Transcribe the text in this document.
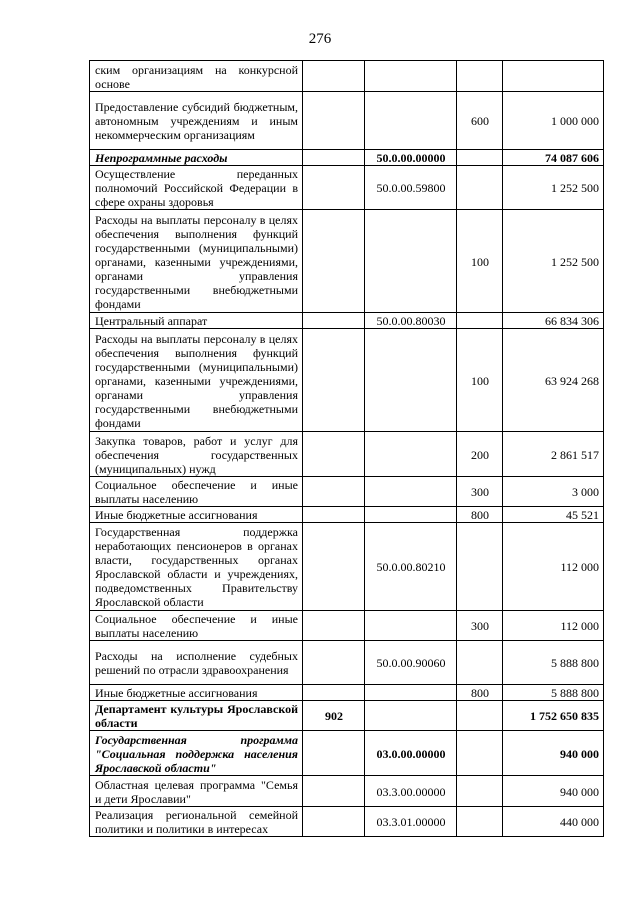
276
ским организациям на конкурсной основе				
Предоставление субсидий бюджетным, автономным учреждениям и иным некоммерческим организациям			600	1 000 000
Непрограммные расходы		50.0.00.00000		74 087 606
Осуществление переданных полномочий Российской Федерации в сфере охраны здоровья		50.0.00.59800		1 252 500
Расходы на выплаты персоналу в целях обеспечения выполнения функций государственными (муниципальными) органами, казенными учреждениями, органами управления государственными внебюджетными фондами			100	1 252 500
Центральный аппарат		50.0.00.80030		66 834 306
Расходы на выплаты персоналу в целях обеспечения выполнения функций государственными (муниципальными) органами, казенными учреждениями, органами управления государственными внебюджетными фондами			100	63 924 268
Закупка товаров, работ и услуг для обеспечения государственных (муниципальных) нужд			200	2 861 517
Социальное обеспечение и иные выплаты населению			300	3 000
Иные бюджетные ассигнования			800	45 521
Государственная поддержка неработающих пенсионеров в органах власти, государственных органах Ярославской области и учреждениях, подведомственных Правительству Ярославской области		50.0.00.80210		112 000
Социальное обеспечение и иные выплаты населению			300	112 000
Расходы на исполнение судебных решений по отрасли здравоохранения		50.0.00.90060		5 888 800
Иные бюджетные ассигнования			800	5 888 800
Департамент культуры Ярославской области	902			1 752 650 835
Государственная программа "Социальная поддержка населения Ярославской области"		03.0.00.00000		940 000
Областная целевая программа "Семья и дети Ярославии"		03.3.00.00000		940 000
Реализация региональной семейной политики и политики в интересах		03.3.01.00000		440 000
